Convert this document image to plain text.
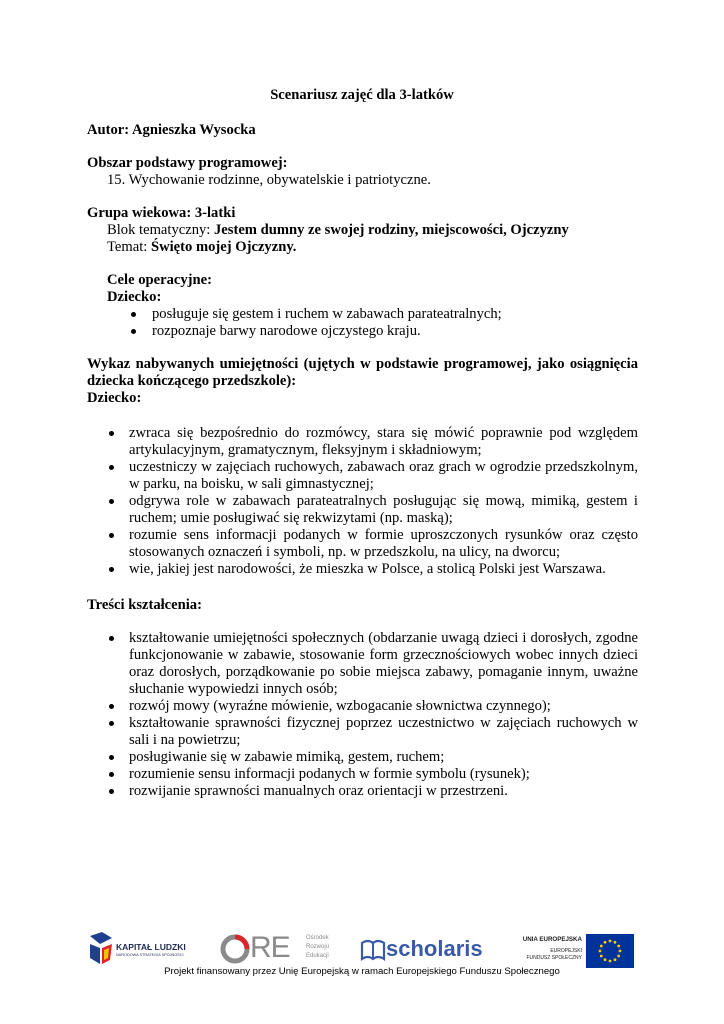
Scenariusz zajęć dla 3-latków
Autor: Agnieszka Wysocka
Obszar podstawy programowej:
15. Wychowanie rodzinne, obywatelskie i patriotyczne.
Grupa wiekowa: 3-latki
Blok tematyczny: Jestem dumny ze swojej rodziny, miejscowości, Ojczyzny
Temat: Święto mojej Ojczyzny.
Cele operacyjne:
Dziecko:
posługuje się gestem i ruchem w zabawach parateatralnych;
rozpoznaje barwy narodowe ojczystego kraju.
Wykaz nabywanych umiejętności (ujętych w podstawie programowej, jako osiągnięcia
dziecka kończącego przedszkole):
Dziecko:
zwraca się bezpośrednio do rozmówcy, stara się mówić poprawnie pod względem artykulacyjnym, gramatycznym, fleksyjnym i składniowym;
uczestniczy w zajęciach ruchowych, zabawach oraz grach w ogrodzie przedszkolnym, w parku, na boisku, w sali gimnastycznej;
odgrywa role w zabawach parateatralnych posługując się mową, mimiką, gestem i ruchem; umie posługiwać się rekwizytami (np. maską);
rozumie sens informacji podanych w formie uproszczonych rysunków oraz często stosowanych oznaczeń i symboli, np. w przedszkolu, na ulicy, na dworcu;
wie, jakiej jest narodowości, że mieszka w Polsce, a stolicą Polski jest Warszawa.
Treści kształcenia:
kształtowanie umiejętności społecznych (obdarzanie uwagą dzieci i dorosłych, zgodne funkcjonowanie w zabawie, stosowanie form grzecznościowych wobec innych dzieci oraz dorosłych, porządkowanie po sobie miejsca zabawy, pomaganie innym, uważne słuchanie wypowiedzi innych osób;
rozwój mowy (wyraźne mówienie, wzbogacanie słownictwa czynnego);
kształtowanie sprawności fizycznej poprzez uczestnictwo w zajęciach ruchowych w sali i na powietrzu;
posługiwanie się w zabawie mimiką, gestem, ruchem;
rozumienie sensu informacji podanych w formie symbolu (rysunek);
rozwijanie sprawności manualnych oraz orientacji w przestrzeni.
KAPITAŁ LUDZKI
NARODOWA STRATEGIA SPÓJNOŚCI RE	Ośrodek
Rozwoju
Edukacji	scholaris	UNIA EUROPEJSKA
EUROPEJSKI
FUNDUSZ SPOŁECZNY
Projekt finansowany przez Unię Europejską w ramach Europejskiego Funduszu Społecznego
